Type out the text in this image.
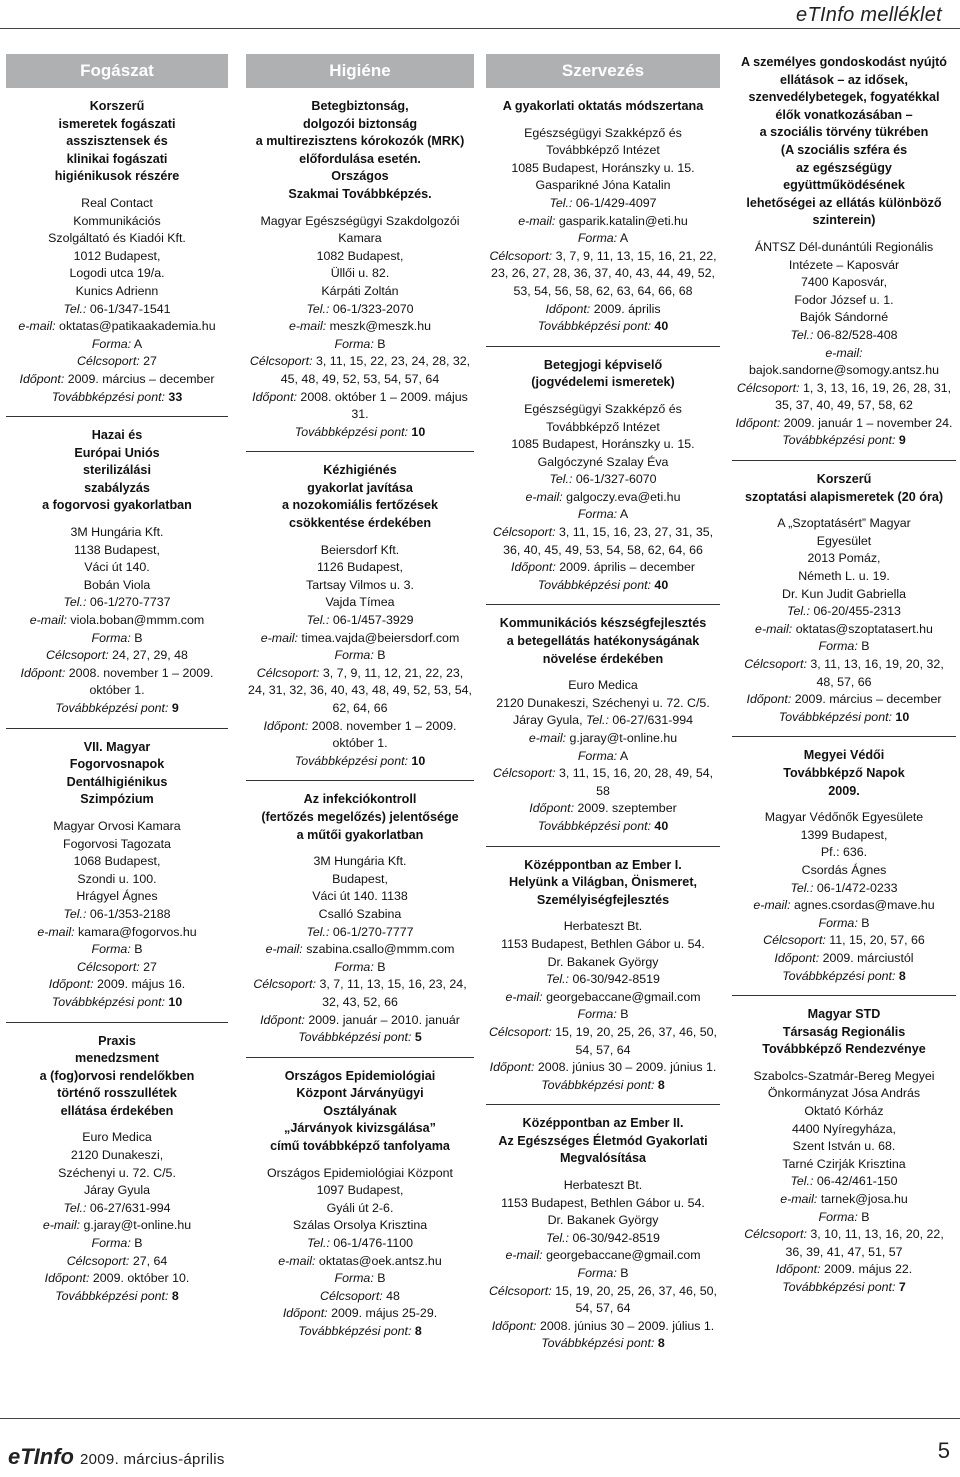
eTInfo melléklet
Fogászat
Korszerű
ismeretek fogászati
asszisztensek és
klinikai fogászati
higiénikusok részére
Real Contact
Kommunikációs
Szolgáltató és Kiadói Kft.
1012 Budapest,
Logodi utca 19/a.
Kunics Adrienn
Tel.: 06-1/347-1541
e-mail: oktatas@patikaakademia.hu
Forma: A
Célcsoport: 27
Időpont: 2009. március – december
Továbbképzési pont: 33
Hazai és
Európai Uniós
sterilizálási
szabályzás
a fogorvosi gyakorlatban
3M Hungária Kft.
1138 Budapest,
Váci út 140.
Bobán Viola
Tel.: 06-1/270-7737
e-mail: viola.boban@mmm.com
Forma: B
Célcsoport: 24, 27, 29, 48
Időpont: 2008. november 1 – 2009. október 1.
Továbbképzési pont: 9
VII. Magyar
Fogorvosnapok
Dentálhigiénikus
Szimpózium
Magyar Orvosi Kamara
Fogorvosi Tagozata
1068 Budapest,
Szondi u. 100.
Hrágyel Ágnes
Tel.: 06-1/353-2188
e-mail: kamara@fogorvos.hu
Forma: B
Célcsoport: 27
Időpont: 2009. május 16.
Továbbképzési pont: 10
Praxis
menedzsment
a (fog)orvosi rendelőkben
történő rosszullétek
ellátása érdekében
Euro Medica
2120 Dunakeszi,
Széchenyi u. 72. C/5.
Járay Gyula
Tel.: 06-27/631-994
e-mail: g.jaray@t-online.hu
Forma: B
Célcsoport: 27, 64
Időpont: 2009. október 10.
Továbbképzési pont: 8
Higiéne
Betegbiztonság,
dolgozói biztonság
a multirezisztens kórokozók (MRK)
előfordulása esetén.
Országos
Szakmai Továbbképzés.
Magyar Egészségügyi Szakdolgozói
Kamara
1082 Budapest,
Üllői u. 82.
Kárpáti Zoltán
Tel.: 06-1/323-2070
e-mail: meszk@meszk.hu
Forma: B
Célcsoport: 3, 11, 15, 22, 23, 24, 28, 32, 45, 48, 49, 52, 53, 54, 57, 64
Időpont: 2008. október 1 – 2009. május 31.
Továbbképzési pont: 10
Kézhigiénés
gyakorlat javítása
a nozokomiális fertőzések
csökkentése érdekében
Beiersdorf Kft.
1126 Budapest,
Tartsay Vilmos u. 3.
Vajda Tímea
Tel.: 06-1/457-3929
e-mail: timea.vajda@beiersdorf.com
Forma: B
Célcsoport: 3, 7, 9, 11, 12, 21, 22, 23, 24, 31, 32, 36, 40, 43, 48, 49, 52, 53, 54, 62, 64, 66
Időpont: 2008. november 1 – 2009. október 1.
Továbbképzési pont: 10
Az infekciókontroll
(fertőzés megelőzés) jelentősége
a műtői gyakorlatban
3M Hungária Kft.
Budapest,
Váci út 140. 1138
Csalló Szabina
Tel.: 06-1/270-7777
e-mail: szabina.csallo@mmm.com
Forma: B
Célcsoport: 3, 7, 11, 13, 15, 16, 23, 24, 32, 43, 52, 66
Időpont: 2009. január – 2010. január
Továbbképzési pont: 5
Országos Epidemiológiai
Központ Járványügyi
Osztályának
„Járványok kivizsgálása”
című továbbképző tanfolyama
Országos Epidemiológiai Központ
1097 Budapest,
Gyáli út 2-6.
Szálas Orsolya Krisztina
Tel.: 06-1/476-1100
e-mail: oktatas@oek.antsz.hu
Forma: B
Célcsoport: 48
Időpont: 2009. május 25-29.
Továbbképzési pont: 8
Szervezés
A gyakorlati oktatás módszertana
Egészségügyi Szakképző és
Továbbképző Intézet
1085 Budapest, Horánszky u. 15.
Gasparikné Jóna Katalin
Tel.: 06-1/429-4097
e-mail: gasparik.katalin@eti.hu
Forma: A
Célcsoport: 3, 7, 9, 11, 13, 15, 16, 21, 22, 23, 26, 27, 28, 36, 37, 40, 43, 44, 49, 52, 53, 54, 56, 58, 62, 63, 64, 66, 68
Időpont: 2009. április
Továbbképzési pont: 40
Betegjogi képviselő
(jogvédelemi ismeretek)
Egészségügyi Szakképző és
Továbbképző Intézet
1085 Budapest, Horánszky u. 15.
Galgóczyné Szalay Éva
Tel.: 06-1/327-6070
e-mail: galgoczy.eva@eti.hu
Forma: A
Célcsoport: 3, 11, 15, 16, 23, 27, 31, 35, 36, 40, 45, 49, 53, 54, 58, 62, 64, 66
Időpont: 2009. április – december
Továbbképzési pont: 40
Kommunikációs készségfejlesztés
a betegellátás hatékonyságának
növelése érdekében
Euro Medica
2120 Dunakeszi, Széchenyi u. 72. C/5.
Járay Gyula, Tel.: 06-27/631-994
e-mail: g.jaray@t-online.hu
Forma: A
Célcsoport: 3, 11, 15, 16, 20, 28, 49, 54, 58
Időpont: 2009. szeptember
Továbbképzési pont: 40
Középpontban az Ember I.
Helyünk a Világban, Önismeret,
Személyiségfejlesztés
Herbateszt Bt.
1153 Budapest, Bethlen Gábor u. 54.
Dr. Bakanek György
Tel.: 06-30/942-8519
e-mail: georgebaccane@gmail.com
Forma: B
Célcsoport: 15, 19, 20, 25, 26, 37, 46, 50, 54, 57, 64
Időpont: 2008. június 30 – 2009. június 1.
Továbbképzési pont: 8
Középpontban az Ember II.
Az Egészséges Életmód Gyakorlati
Megvalósítása
Herbateszt Bt.
1153 Budapest, Bethlen Gábor u. 54.
Dr. Bakanek György
Tel.: 06-30/942-8519
e-mail: georgebaccane@gmail.com
Forma: B
Célcsoport: 15, 19, 20, 25, 26, 37, 46, 50, 54, 57, 64
Időpont: 2008. június 30 – 2009. július 1.
Továbbképzési pont: 8
A személyes gondoskodást nyújtó
ellátások – az idősek,
szenvedélybetegek, fogyatékkal
élők vonatkozásában –
a szociális törvény tükrében
(A szociális szféra és
az egészségügy
együttműködésének
lehetőségei az ellátás különböző
szinterein)
ÁNTSZ Dél-dunántúli Regionális
Intézete – Kaposvár
7400 Kaposvár,
Fodor József u. 1.
Bajók Sándorné
Tel.: 06-82/528-408
e-mail: bajok.sandorne@somogy.antsz.hu
Célcsoport: 1, 3, 13, 16, 19, 26, 28, 31, 35, 37, 40, 49, 57, 58, 62
Időpont: 2009. január 1 – november 24.
Továbbképzési pont: 9
Korszerű
szoptatási alapismeretek (20 óra)
A „Szoptatásért” Magyar
Egyesület
2013 Pomáz,
Németh L. u. 19.
Dr. Kun Judit Gabriella
Tel.: 06-20/455-2313
e-mail: oktatas@szoptatasert.hu
Forma: B
Célcsoport: 3, 11, 13, 16, 19, 20, 32, 48, 57, 66
Időpont: 2009. március – december
Továbbképzési pont: 10
Megyei Védői
Továbbképző Napok
2009.
Magyar Védőnők Egyesülete
1399 Budapest,
Pf.: 636.
Csordás Ágnes
Tel.: 06-1/472-0233
e-mail: agnes.csordas@mave.hu
Forma: B
Célcsoport: 11, 15, 20, 57, 66
Időpont: 2009. márciustól
Továbbképzési pont: 8
Magyar STD
Társaság Regionális
Továbbképző Rendezvénye
Szabolcs-Szatmár-Bereg Megyei
Önkormányzat Jósa András
Oktató Kórház
4400 Nyíregyháza,
Szent István u. 68.
Tarné Czirják Krisztina
Tel.: 06-42/461-150
e-mail: tarnek@josa.hu
Forma: B
Célcsoport: 3, 10, 11, 13, 16, 20, 22, 36, 39, 41, 47, 51, 57
Időpont: 2009. május 22.
Továbbképzési pont: 7
eTInfo 2009. március-április	5
